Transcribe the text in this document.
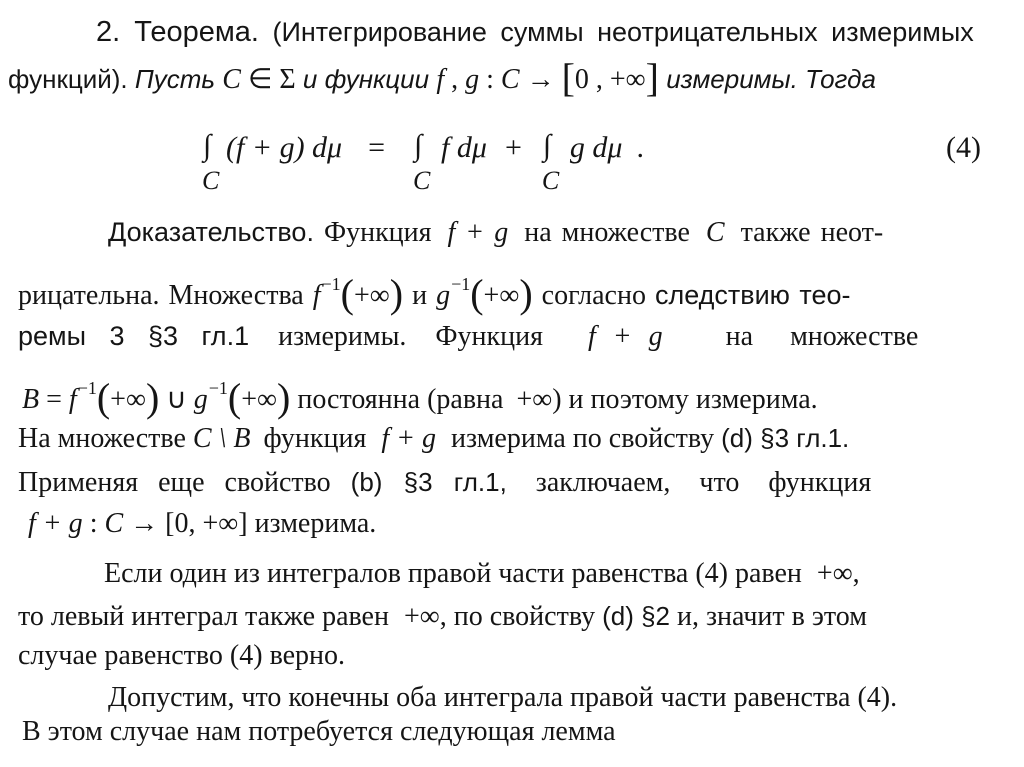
2. Теорема. (Интегрирование суммы неотрицательных измеримых
функций). Пусть C ∈ Σ и функции f , g : C → [0 , +∞] измеримы. Тогда
∫
C
(f + g) dμ = ∫
C
f dμ + ∫
C
g dμ .	(4)
Доказательство. Функция f + g на множестве C также неот-
рицательна. Множества $f^{-1}(+\infty)$ и $g^{-1}(+\infty)$ согласно следствию тео-
ремы 3 §3 гл.1 измеримы. Функция f + g на множестве
$B = f^{-1}(+\infty)$ ∪ $g^{-1}(+\infty)$ постоянна (равна +∞) и поэтому измерима.
На множестве C \ B функция f + g измерима по свойству (d) §3 гл.1.
Применяя еще свойство (b) §3 гл.1, заключаем, что функция
f + g : C → [0, +∞] измерима.
Если один из интегралов правой части равенства (4) равен +∞,
то левый интеграл также равен +∞, по свойству (d) §2 и, значит в этом
случае равенство (4) верно.
Допустим, что конечны оба интеграла правой части равенства (4).
В этом случае нам потребуется следующая лемма
